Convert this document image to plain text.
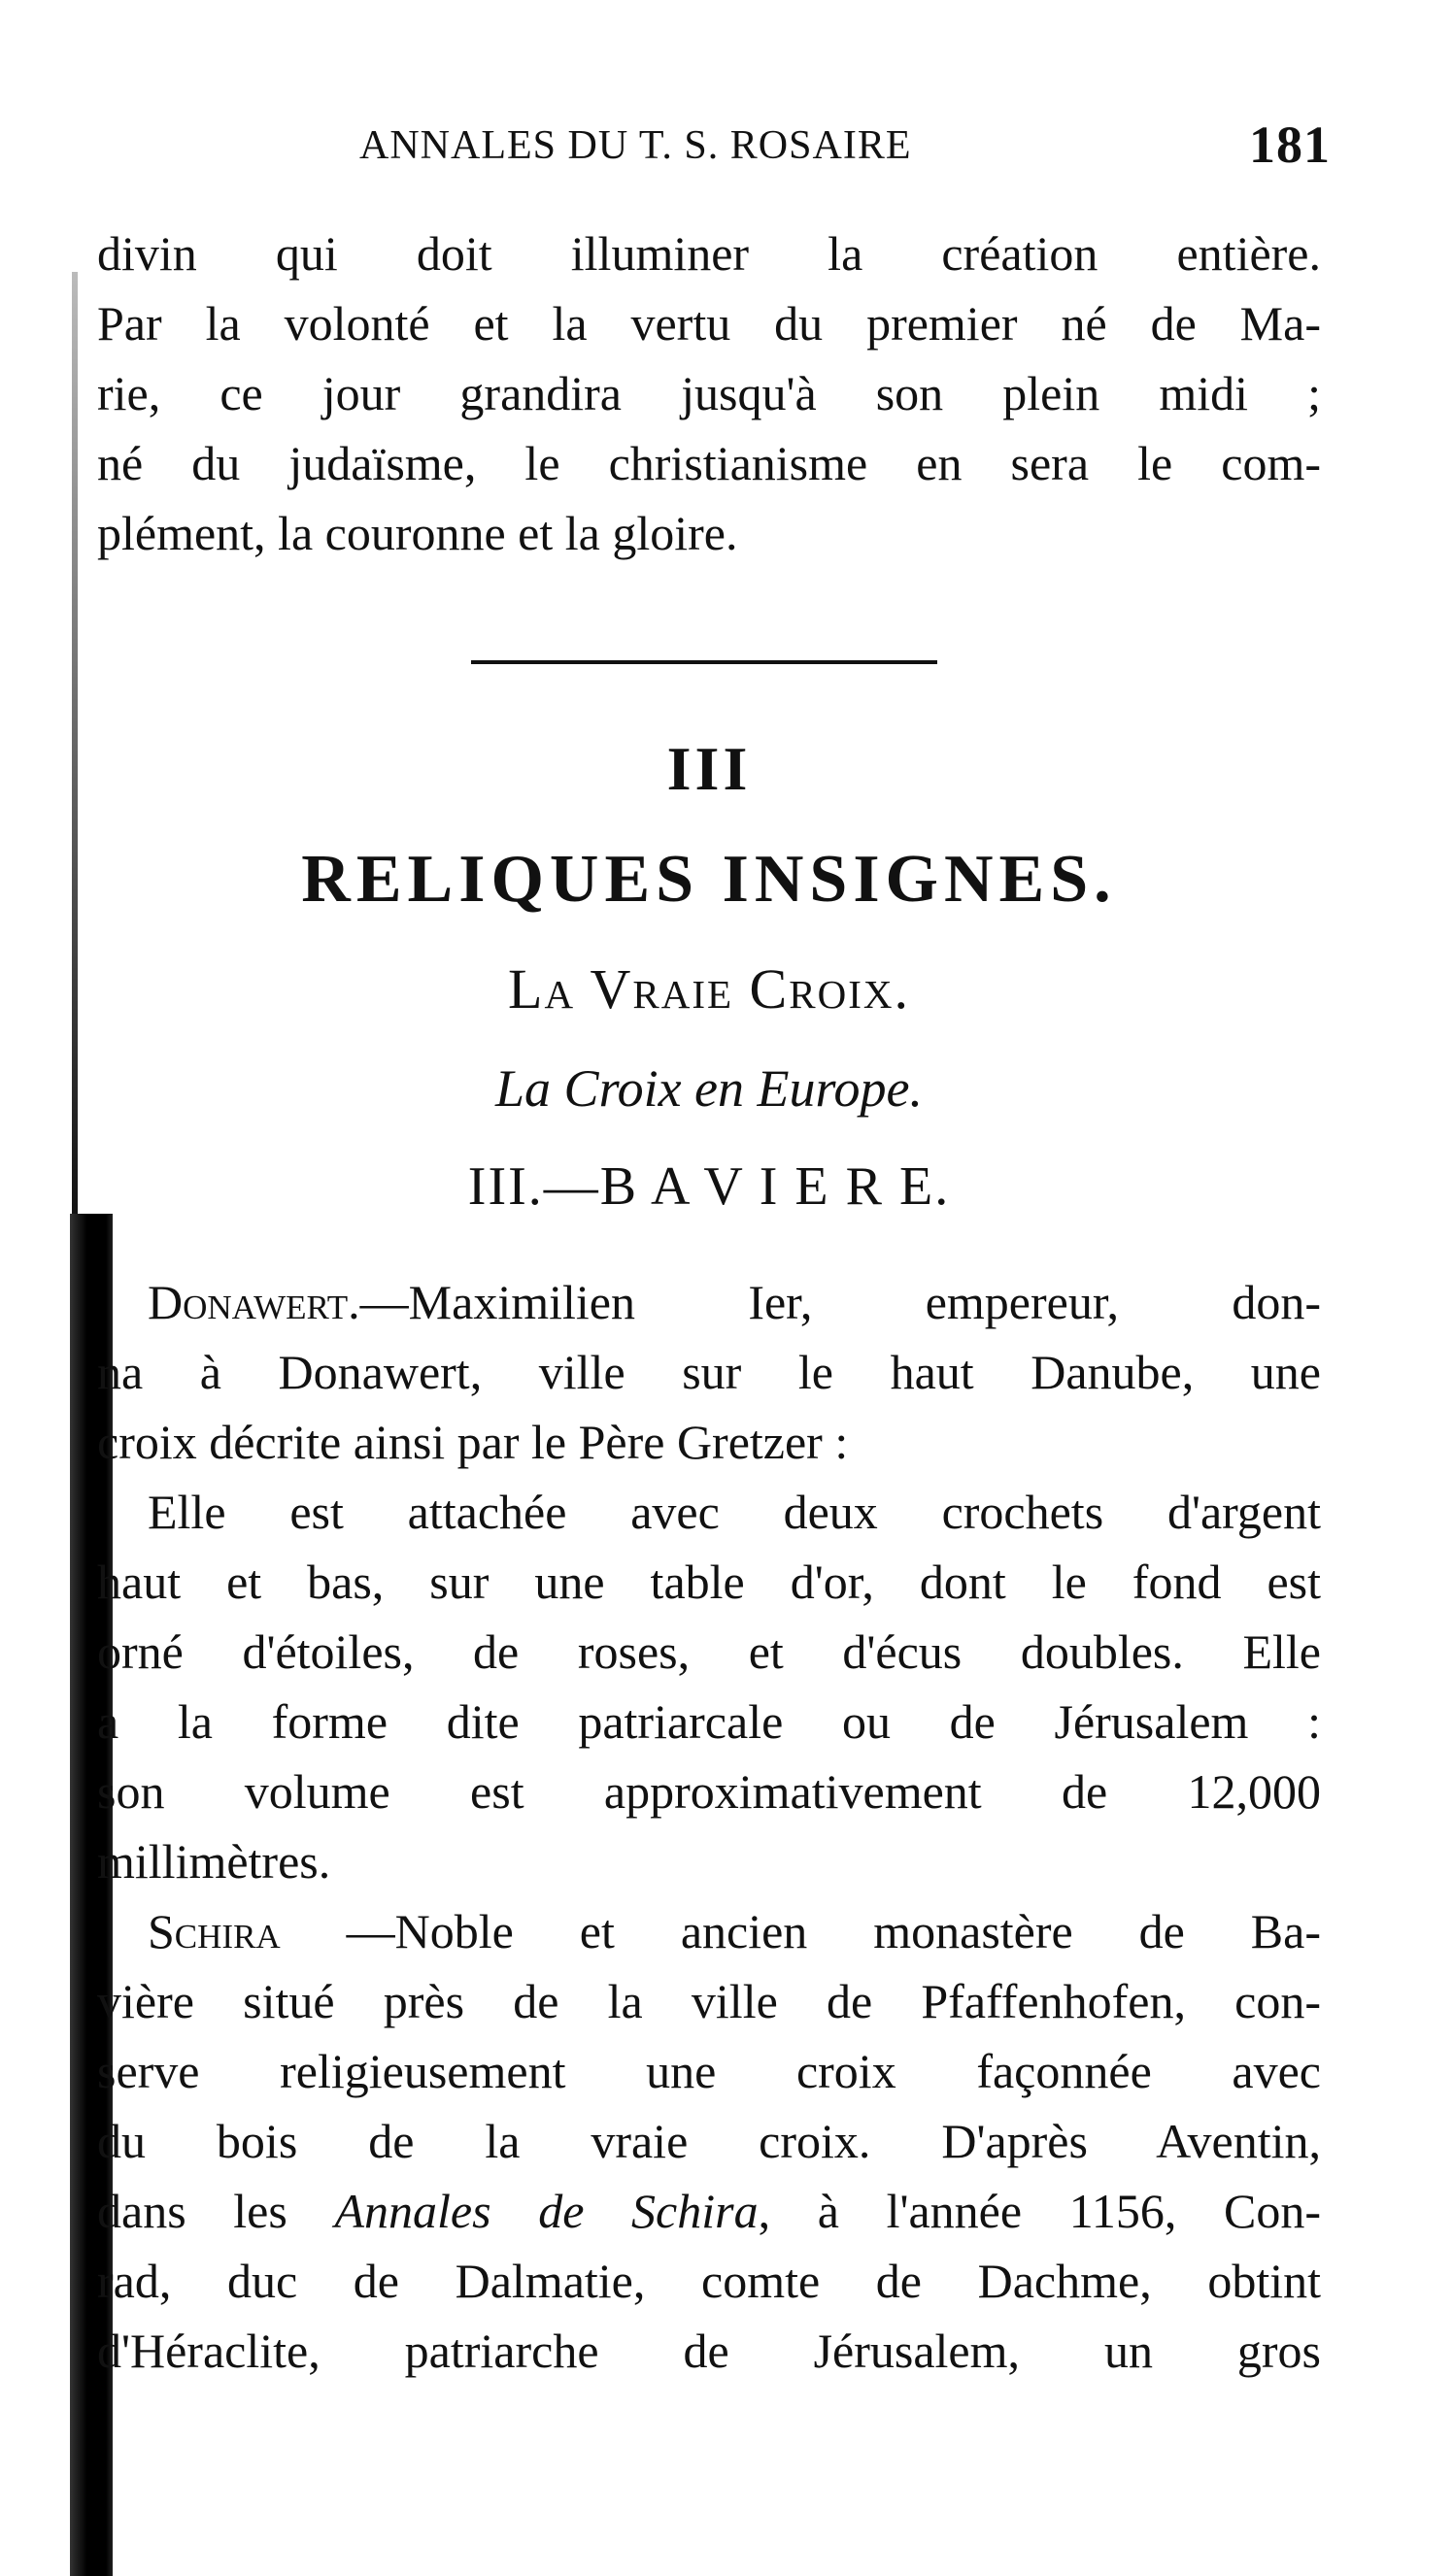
ANNALES DU T. S. ROSAIRE	181

divin qui doit illuminer la création entière.

Par la volonté et la vertu du premier né de Ma-

rie, ce jour grandira jusqu'à son plein midi ;

né du judaïsme, le christianisme en sera le com-

plément, la couronne et la gloire.

III

RELIQUES INSIGNES.

La Vraie Croix.

La Croix en Europe.

III.—B A V I E R E.

Donawert.—Maximilien Ier, empereur, don-

na à Donawert, ville sur le haut Danube, une

croix décrite ainsi par le Père Gretzer :

Elle est attachée avec deux crochets d'argent

haut et bas, sur une table d'or, dont le fond est

orné d'étoiles, de roses, et d'écus doubles. Elle

a la forme dite patriarcale ou de Jérusalem :

son volume est approximativement de 12,000

millimètres.

Schira —Noble et ancien monastère de Ba-

vière situé près de la ville de Pfaffenhofen, con-

serve religieusement une croix façonnée avec

du bois de la vraie croix. D'après Aventin,

dans les Annales de Schira, à l'année 1156, Con-

rad, duc de Dalmatie, comte de Dachme, obtint

d'Héraclite, patriarche de Jérusalem, un gros
